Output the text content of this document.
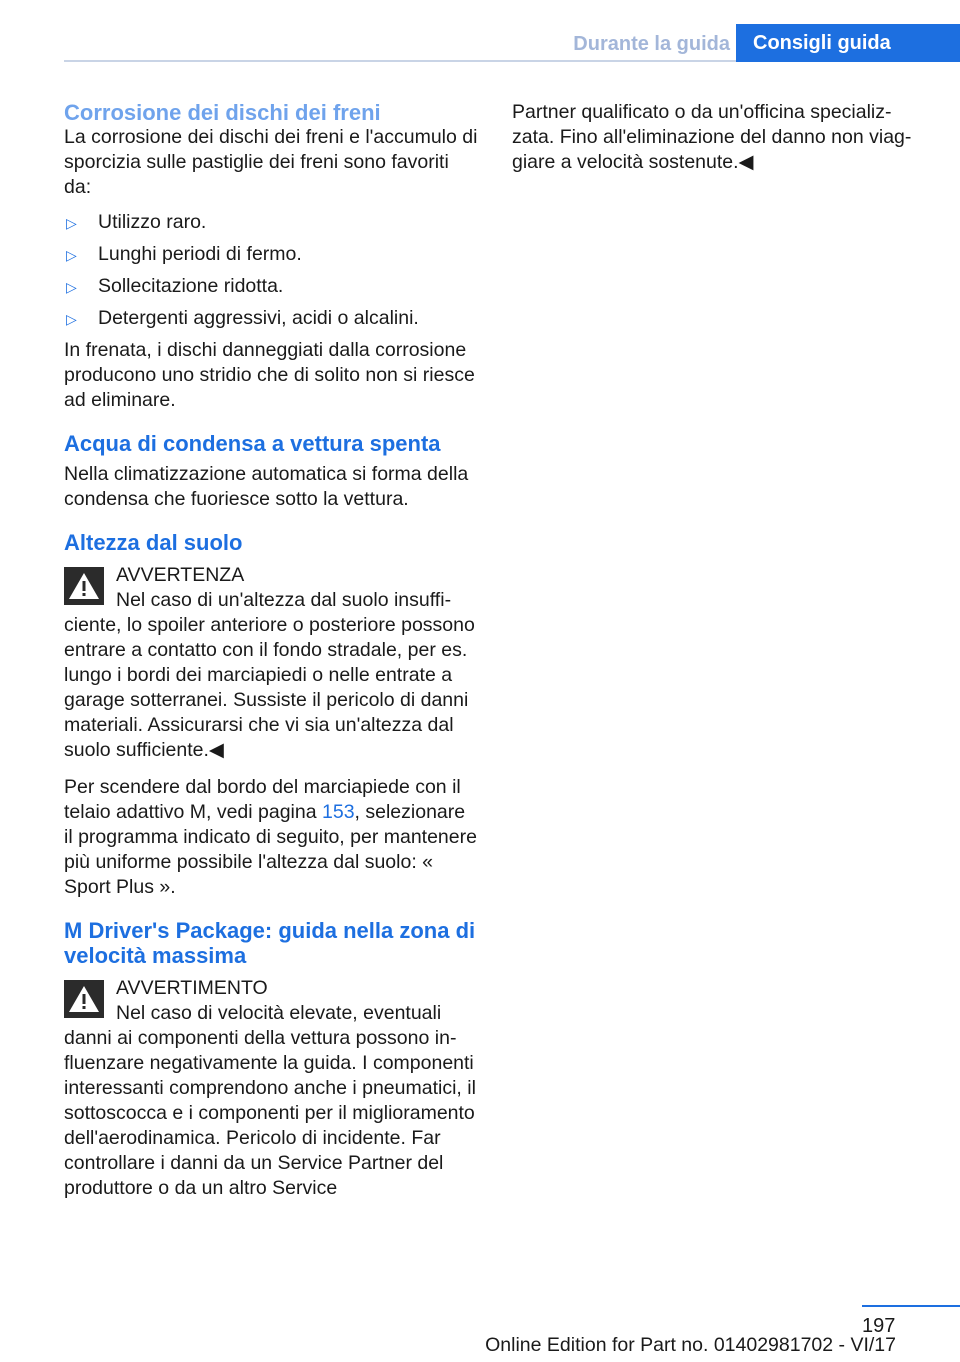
Durante la guida	Consigli guida
Corrosione dei dischi dei freni

La corrosione dei dischi dei freni e l'accumulo di sporcizia sulle pastiglie dei freni sono favoriti da:

▷ Utilizzo raro.
▷ Lunghi periodi di fermo.
▷ Sollecitazione ridotta.
▷ Detergenti aggressivi, acidi o alcalini.

In frenata, i dischi danneggiati dalla corrosione producono uno stridio che di solito non si riesce ad eliminare.

Acqua di condensa a vettura spenta

Nella climatizzazione automatica si forma della condensa che fuoriesce sotto la vettura.

Altezza dal suolo

AVVERTENZA

Nel caso di un'altezza dal suolo insufficiente, lo spoiler anteriore o posteriore possono entrare a contatto con il fondo stradale, per es. lungo i bordi dei marciapiedi o nelle entrate a garage sotterranei. Sussiste il pericolo di danni materiali. Assicurarsi che vi sia un'altezza dal suolo sufficiente.◀

Per scendere dal bordo del marciapiede con il telaio adattivo M, vedi pagina 153, selezionare il programma indicato di seguito, per mantenere più uniforme possibile l'altezza dal suolo: « Sport Plus ».

M Driver's Package: guida nella zona di velocità massima

AVVERTIMENTO

Nel caso di velocità elevate, eventuali danni ai componenti della vettura possono influenzare negativamente la guida. I componenti interessanti comprendono anche i pneumatici, il sottoscocca e i componenti per il miglioramento dell'aerodinamica. Pericolo di incidente. Far controllare i danni da un Service Partner del produttore o da un altro Service

Partner qualificato o da un'officina specializzata. Fino all'eliminazione del danno non viaggiare a velocità sostenute.◀

197
Online Edition for Part no. 01402981702 - VI/17
